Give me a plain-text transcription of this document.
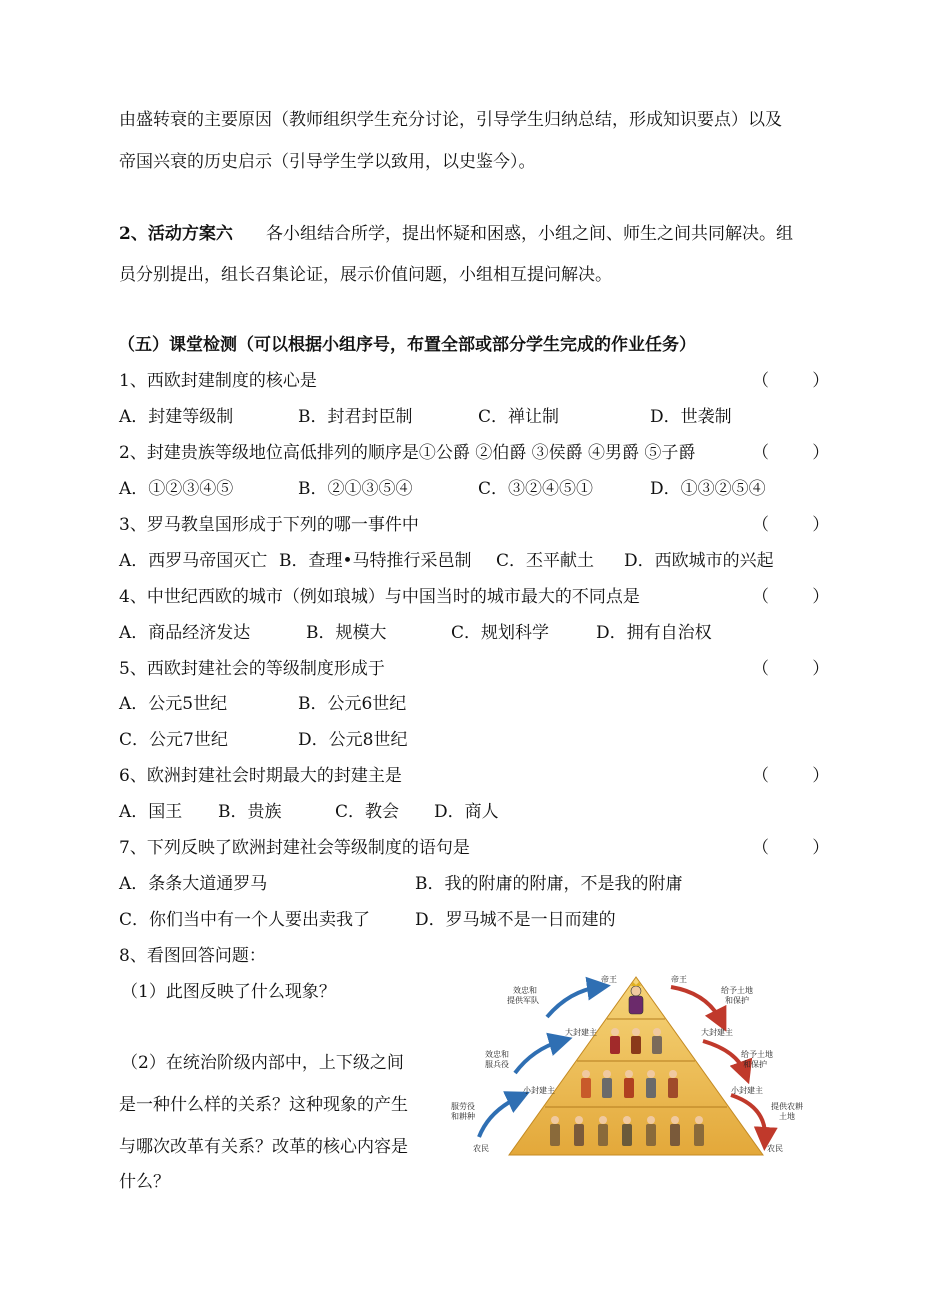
由盛转衰的主要原因（教师组织学生充分讨论，引导学生归纳总结，形成知识要点）以及
帝国兴衰的历史启示（引导学生学以致用，以史鉴今）。
2、活动方案六 各小组结合所学，提出怀疑和困惑，小组之间、师生之间共同解决。组
员分别提出，组长召集论证，展示价值问题，小组相互提问解决。
（五）课堂检测（可以根据小组序号，布置全部或部分学生完成的作业任务）
1、西欧封建制度的核心是	（        ）
A．封建等级制	B．封君封臣制	C．禅让制	D．世袭制
2、封建贵族等级地位高低排列的顺序是①公爵 ②伯爵 ③侯爵 ④男爵 ⑤子爵	（        ）
A．①②③④⑤	B．②①③⑤④	C．③②④⑤①	D．①③②⑤④
3、罗马教皇国形成于下列的哪一事件中	（        ）
A．西罗马帝国灭亡 B．查理•马特推行采邑制 C．丕平献土 D．西欧城市的兴起
4、中世纪西欧的城市（例如琅城）与中国当时的城市最大的不同点是	（        ）
A．商品经济发达	B．规模大	C．规划科学	D．拥有自治权
5、西欧封建社会的等级制度形成于	（        ）
A．公元5世纪	B．公元6世纪
C．公元7世纪	D．公元8世纪
6、欧洲封建社会时期最大的封建主是	（        ）
A．国王 B．贵族	C．教会 D．商人
7、下列反映了欧洲封建社会等级制度的语句是	（        ）
A．条条大道通罗马	B．我的附庸的附庸，不是我的附庸
C．你们当中有一个人要出卖我了	D．罗马城不是一日而建的
8、看图回答问题：
（1）此图反映了什么现象？
（2）在统治阶级内部中，上下级之间
是一种什么样的关系？这种现象的产生
与哪次改革有关系？改革的核心内容是
什么？
帝王
效忠和
提供军队
大封建主
效忠和
服兵役
小封建主
服劳役
和耕种
农民
帝王
给予土地
和保护
大封建主
给予土地
和保护
小封建主
提供农耕
土地
农民
